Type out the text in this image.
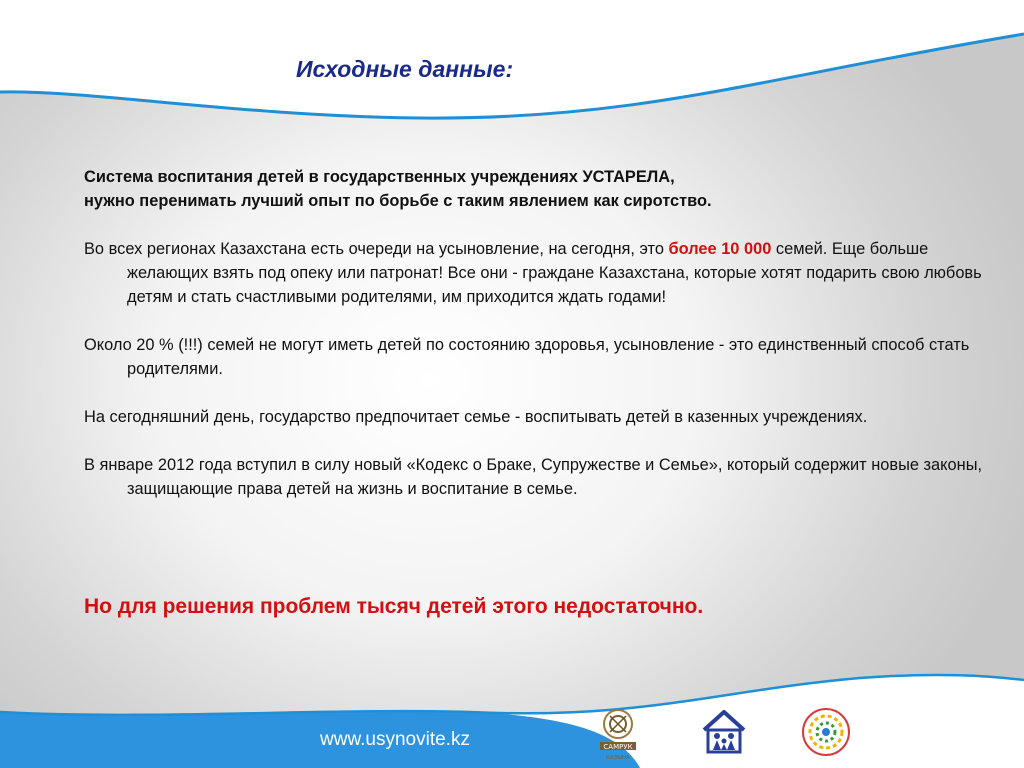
Исходные данные:

Система воспитания детей в государственных учреждениях УСТАРЕЛА,
нужно перенимать лучший опыт по борьбе с таким явлением как сиротство.

Во всех регионах Казахстана есть очереди на усыновление, на сегодня, это более 10 000 семей. Еще больше желающих взять под опеку или патронат! Все они - граждане Казахстана, которые хотят подарить свою любовь детям и стать счастливыми родителями, им приходится ждать годами!

Около 20 % (!!!) семей не могут иметь детей по состоянию здоровья, усыновление - это единственный способ стать родителями.

На сегодняшний день, государство предпочитает семье - воспитывать детей в казенных учреждениях.

В январе 2012 года вступил в силу новый «Кодекс о Браке, Супружестве и Семье», который содержит новые законы, защищающие права детей на жизнь и воспитание в семье.

Но для решения проблем тысяч детей этого недостаточно.

www.usynovite.kz	САМРУК
КАЗЫНА
